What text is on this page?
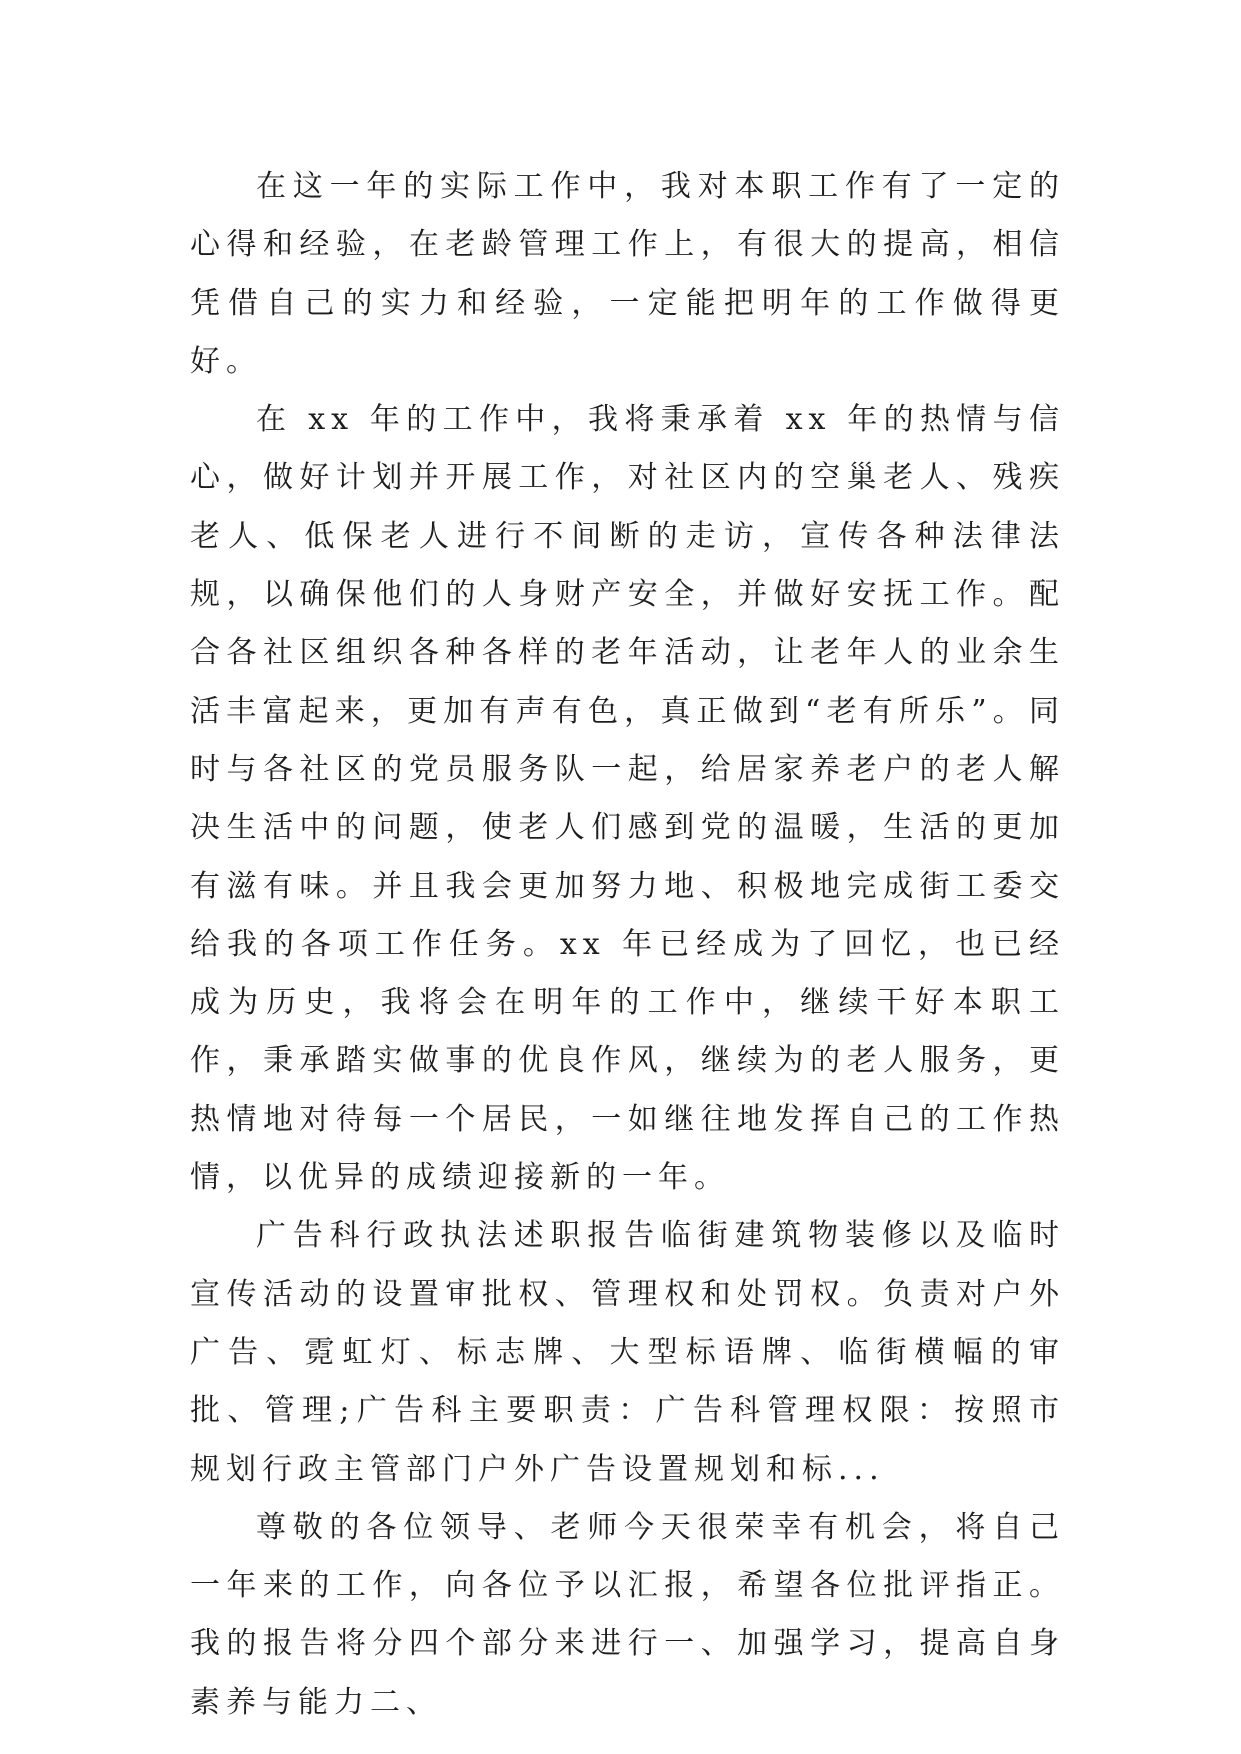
在这一年的实际工作中，我对本职工作有了一定的心得和经验，在老龄管理工作上，有很大的提高，相信凭借自己的实力和经验，一定能把明年的工作做得更好。

在 xx 年的工作中，我将秉承着 xx 年的热情与信心，做好计划并开展工作，对社区内的空巢老人、残疾老人、低保老人进行不间断的走访，宣传各种法律法规，以确保他们的人身财产安全，并做好安抚工作。配合各社区组织各种各样的老年活动，让老年人的业余生活丰富起来，更加有声有色，真正做到“老有所乐”。同时与各社区的党员服务队一起，给居家养老户的老人解决生活中的问题，使老人们感到党的温暖，生活的更加有滋有味。并且我会更加努力地、积极地完成街工委交给我的各项工作任务。xx 年已经成为了回忆，也已经成为历史，我将会在明年的工作中，继续干好本职工作，秉承踏实做事的优良作风，继续为的老人服务，更热情地对待每一个居民，一如继往地发挥自己的工作热情，以优异的成绩迎接新的一年。

广告科行政执法述职报告临街建筑物装修以及临时宣传活动的设置审批权、管理权和处罚权。负责对户外广告、霓虹灯、标志牌、大型标语牌、临街横幅的审批、管理;广告科主要职责：广告科管理权限：按照市规划行政主管部门户外广告设置规划和标...

尊敬的各位领导、老师今天很荣幸有机会，将自己一年来的工作，向各位予以汇报，希望各位批评指正。我的报告将分四个部分来进行一、加强学习，提高自身素养与能力二、
